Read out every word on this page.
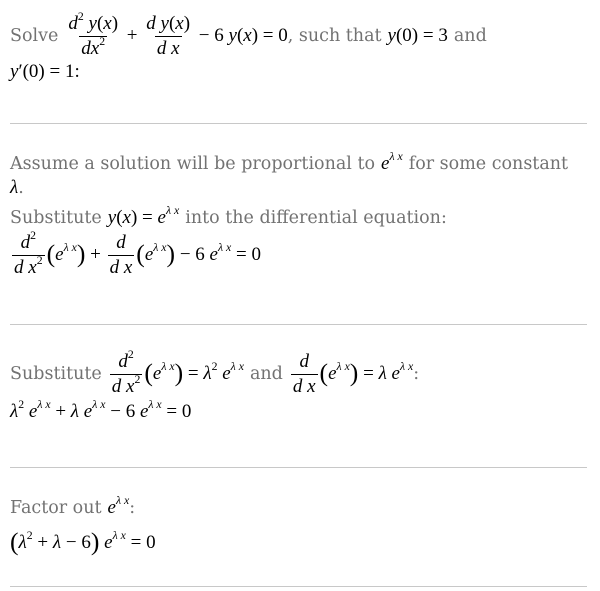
Solve $\frac{d^2 y(x)}{dx^2} + \frac{\text{d y(x)}}{\text{d x}} - 6$ y(x) = 0 , such that y(0) = 3 and
y′(0) = 1:
Assume a solution will be proportional to $e^{\lambda x}$ for some constant
λ .
Substitute $y(x) = e^{\lambda x}$ into the differential equation:
$\frac{d^2}{d x^2} (e^{\lambda x}) + \frac{d}{\text{d x}} (e^{\lambda x}) - 6$ $e^{\lambda x} = 0$
Substitute $\frac{d^2}{d x^2} (e^{\lambda x}) = \lambda^2$ $e^{\lambda x}$ and $\frac{d}{\text{d x}} (e^{\lambda x}) = \lambda$ $e^{\lambda x}$ :
$\lambda^2$ $e^{\lambda x} + \lambda$ $e^{\lambda x} - 6$ $e^{\lambda x} = 0$
Factor out $e^{\lambda x}$ :
$(\lambda^2 + \lambda - 6) e^{\lambda x} = 0$
